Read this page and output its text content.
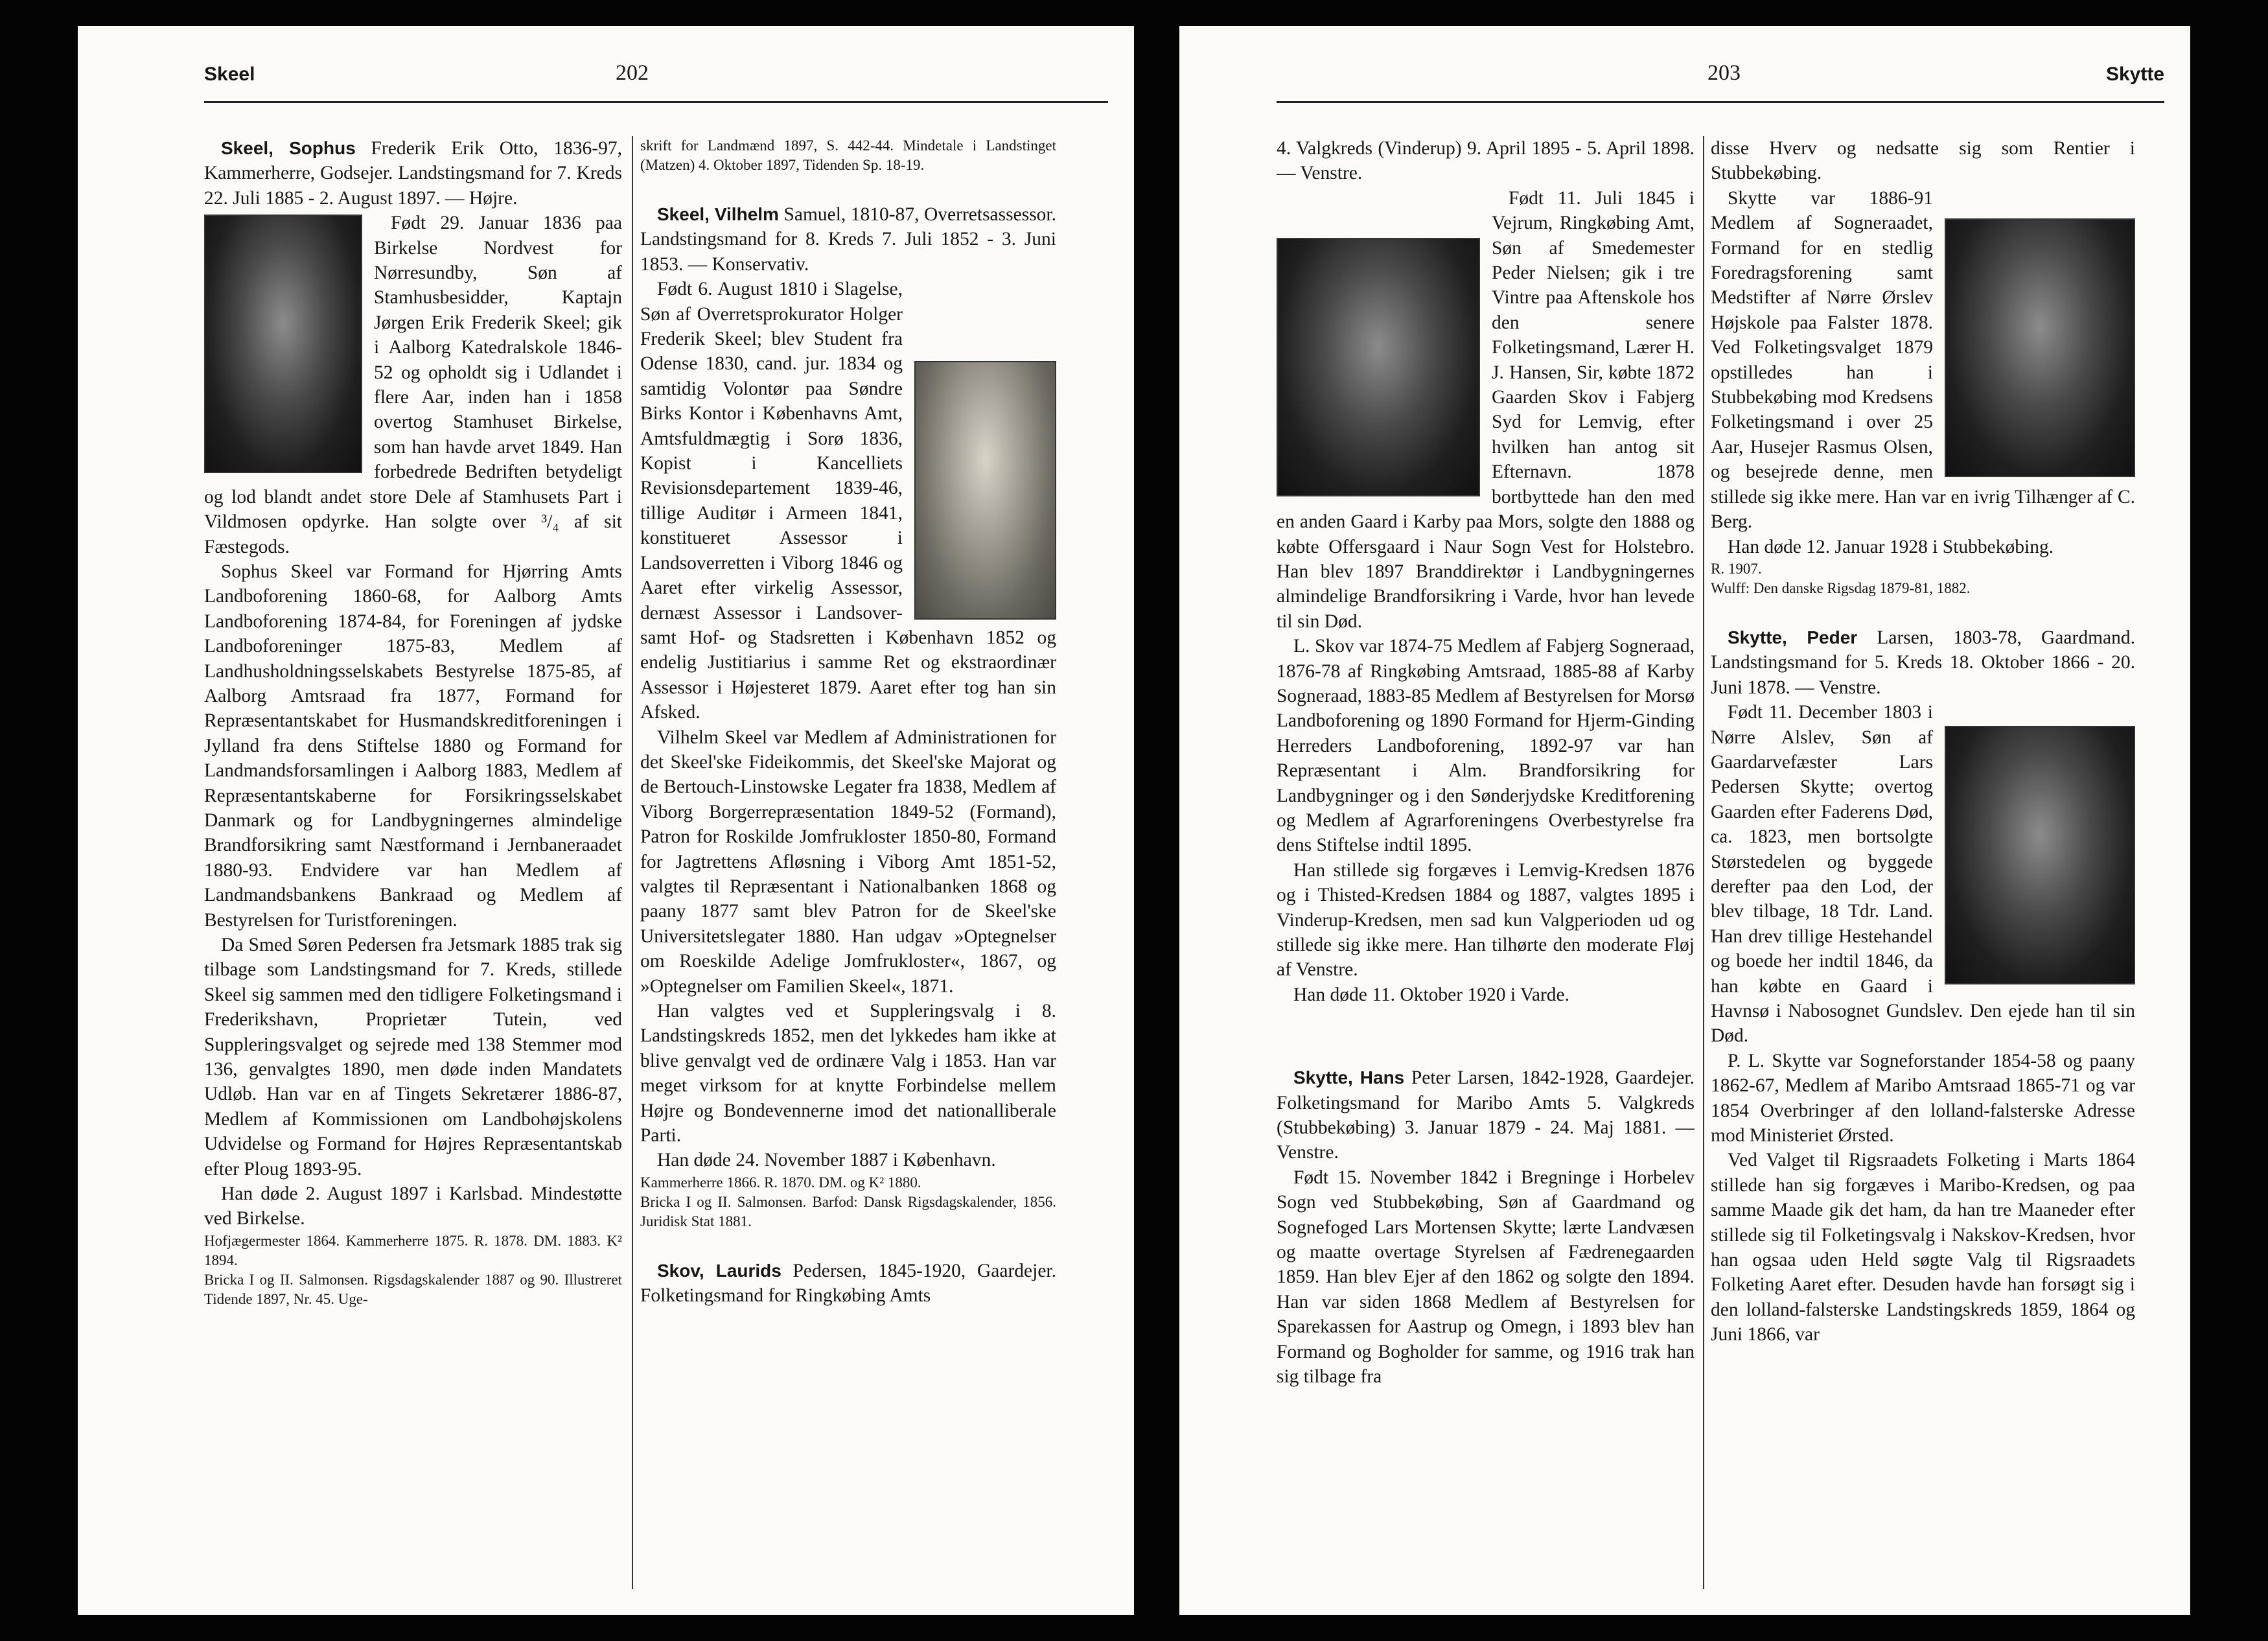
Skeel	202

Skeel, Sophus Frederik Erik Otto, 1836-97, Kammerherre, Godsejer. Landstingsmand for 7. Kreds 22. Juli 1885 - 2. August 1897. — Højre.

Født 29. Januar 1836 paa Birkelse Nordvest for Nørresundby, Søn af Stamhusbesidder, Kaptajn Jørgen Erik Frederik Skeel; gik i Aalborg Katedralskole 1846-52 og opholdt sig i Udlandet i flere Aar, inden han i 1858 overtog Stamhuset Birkelse, som han havde arvet 1849. Han forbedrede Bedriften betydeligt og lod blandt andet store Dele af Stamhusets Part i Vildmosen opdyrke. Han solgte over ³/₄ af sit Fæstegods.

Sophus Skeel var Formand for Hjørring Amts Landboforening 1860-68, for Aalborg Amts Landboforening 1874-84, for Foreningen af jydske Landboforeninger 1875-83, Medlem af Landhusholdningsselskabets Bestyrelse 1875-85, af Aalborg Amtsraad fra 1877, Formand for Repræsentantskabet for Husmandskreditforeningen i Jylland fra dens Stiftelse 1880 og Formand for Landmandsforsamlingen i Aalborg 1883, Medlem af Repræsentantskaberne for Forsikringsselskabet Danmark og for Landbygningernes almindelige Brandforsikring samt Næstformand i Jernbaneraadet 1880-93. Endvidere var han Medlem af Landmandsbankens Bankraad og Medlem af Bestyrelsen for Turistforeningen.

Da Smed Søren Pedersen fra Jetsmark 1885 trak sig tilbage som Landstingsmand for 7. Kreds, stillede Skeel sig sammen med den tidligere Folketingsmand i Frederikshavn, Proprietær Tutein, ved Suppleringsvalget og sejrede med 138 Stemmer mod 136, genvalgtes 1890, men døde inden Mandatets Udløb. Han var en af Tingets Sekretærer 1886-87, Medlem af Kommissionen om Landbohøjskolens Udvidelse og Formand for Højres Repræsentantskab efter Ploug 1893-95.

Han døde 2. August 1897 i Karlsbad. Mindestøtte ved Birkelse.

Hofjægermester 1864. Kammerherre 1875. R. 1878. DM. 1883. K² 1894.

Bricka I og II. Salmonsen. Rigsdagskalender 1887 og 90. Illustreret Tidende 1897, Nr. 45. Uge-

skrift for Landmænd 1897, S. 442-44. Mindetale i Landstinget (Matzen) 4. Oktober 1897, Tidenden Sp. 18-19.

Skeel, Vilhelm Samuel, 1810-87, Overretsassessor. Landstingsmand for 8. Kreds 7. Juli 1852 - 3. Juni 1853. — Konservativ.

Født 6. August 1810 i Slagelse, Søn af Overretsprokurator Holger Frederik Skeel; blev Student fra Odense 1830, cand. jur. 1834 og samtidig Volontør paa Søndre Birks Kontor i Københavns Amt, Amtsfuldmægtig i Sorø 1836, Kopist i Kancelliets Revisionsdepartement 1839-46, tillige Auditør i Armeen 1841, konstitueret Assessor i Landsoverretten i Viborg 1846 og Aaret efter virkelig Assessor, dernæst Assessor i Landsover- samt Hof- og Stadsretten i København 1852 og endelig Justitiarius i samme Ret og ekstraordinær Assessor i Højesteret 1879. Aaret efter tog han sin Afsked.

Vilhelm Skeel var Medlem af Administrationen for det Skeel'ske Fideikommis, det Skeel'ske Majorat og de Bertouch-Linstowske Legater fra 1838, Medlem af Viborg Borgerrepræsentation 1849-52 (Formand), Patron for Roskilde Jomfrukloster 1850-80, Formand for Jagtrettens Afløsning i Viborg Amt 1851-52, valgtes til Repræsentant i Nationalbanken 1868 og paany 1877 samt blev Patron for de Skeel'ske Universitetslegater 1880. Han udgav »Optegnelser om Roeskilde Adelige Jomfrukloster«, 1867, og »Optegnelser om Familien Skeel«, 1871.

Han valgtes ved et Suppleringsvalg i 8. Landstingskreds 1852, men det lykkedes ham ikke at blive genvalgt ved de ordinære Valg i 1853. Han var meget virksom for at knytte Forbindelse mellem Højre og Bondevennerne imod det nationalliberale Parti.

Han døde 24. November 1887 i København.

Kammerherre 1866. R. 1870. DM. og K² 1880.

Bricka I og II. Salmonsen. Barfod: Dansk Rigsdagskalender, 1856. Juridisk Stat 1881.

Skov, Laurids Pedersen, 1845-1920, Gaardejer. Folketingsmand for Ringkøbing Amts

203	Skytte

4. Valgkreds (Vinderup) 9. April 1895 - 5. April 1898. — Venstre.

Født 11. Juli 1845 i Vejrum, Ringkøbing Amt, Søn af Smedemester Peder Nielsen; gik i tre Vintre paa Aftenskole hos den senere Folketingsmand, Lærer H. J. Hansen, Sir, købte 1872 Gaarden Skov i Fabjerg Syd for Lemvig, efter hvilken han antog sit Efternavn. 1878 bortbyttede han den med en anden Gaard i Karby paa Mors, solgte den 1888 og købte Offersgaard i Naur Sogn Vest for Holstebro. Han blev 1897 Branddirektør i Landbygningernes almindelige Brandforsikring i Varde, hvor han levede til sin Død.

L. Skov var 1874-75 Medlem af Fabjerg Sogneraad, 1876-78 af Ringkøbing Amtsraad, 1885-88 af Karby Sogneraad, 1883-85 Medlem af Bestyrelsen for Morsø Landboforening og 1890 Formand for Hjerm-Ginding Herreders Landboforening, 1892-97 var han Repræsentant i Alm. Brandforsikring for Landbygninger og i den Sønderjydske Kreditforening og Medlem af Agrarforeningens Overbestyrelse fra dens Stiftelse indtil 1895.

Han stillede sig forgæves i Lemvig-Kredsen 1876 og i Thisted-Kredsen 1884 og 1887, valgtes 1895 i Vinderup-Kredsen, men sad kun Valgperioden ud og stillede sig ikke mere. Han tilhørte den moderate Fløj af Venstre.

Han døde 11. Oktober 1920 i Varde.

Skytte, Hans Peter Larsen, 1842-1928, Gaardejer. Folketingsmand for Maribo Amts 5. Valgkreds (Stubbekøbing) 3. Januar 1879 - 24. Maj 1881. — Venstre.

Født 15. November 1842 i Bregninge i Horbelev Sogn ved Stubbekøbing, Søn af Gaardmand og Sognefoged Lars Mortensen Skytte; lærte Landvæsen og maatte overtage Styrelsen af Fædrenegaarden 1859. Han blev Ejer af den 1862 og solgte den 1894. Han var siden 1868 Medlem af Bestyrelsen for Sparekassen for Aastrup og Omegn, i 1893 blev han Formand og Bogholder for samme, og 1916 trak han sig tilbage fra

disse Hverv og nedsatte sig som Rentier i Stubbekøbing.

Skytte var 1886-91 Medlem af Sogneraadet, Formand for en stedlig Foredragsforening samt Medstifter af Nørre Ørslev Højskole paa Falster 1878. Ved Folketingsvalget 1879 opstilledes han i Stubbekøbing mod Kredsens Folketingsmand i over 25 Aar, Husejer Rasmus Olsen, og besejrede denne, men stillede sig ikke mere. Han var en ivrig Tilhænger af C. Berg.

Han døde 12. Januar 1928 i Stubbekøbing.

R. 1907.

Wulff: Den danske Rigsdag 1879-81, 1882.

Skytte, Peder Larsen, 1803-78, Gaardmand. Landstingsmand for 5. Kreds 18. Oktober 1866 - 20. Juni 1878. — Venstre.

Født 11. December 1803 i Nørre Alslev, Søn af Gaardarvefæster Lars Pedersen Skytte; overtog Gaarden efter Faderens Død, ca. 1823, men bortsolgte Størstedelen og byggede derefter paa den Lod, der blev tilbage, 18 Tdr. Land. Han drev tillige Hestehandel og boede her indtil 1846, da han købte en Gaard i Havnsø i Nabosognet Gundslev. Den ejede han til sin Død.

P. L. Skytte var Sogneforstander 1854-58 og paany 1862-67, Medlem af Maribo Amtsraad 1865-71 og var 1854 Overbringer af den lolland-falsterske Adresse mod Ministeriet Ørsted.

Ved Valget til Rigsraadets Folketing i Marts 1864 stillede han sig forgæves i Maribo-Kredsen, og paa samme Maade gik det ham, da han tre Maaneder efter stillede sig til Folketingsvalg i Nakskov-Kredsen, hvor han ogsaa uden Held søgte Valg til Rigsraadets Folketing Aaret efter. Desuden havde han forsøgt sig i den lolland-falsterske Landstingskreds 1859, 1864 og Juni 1866, var
